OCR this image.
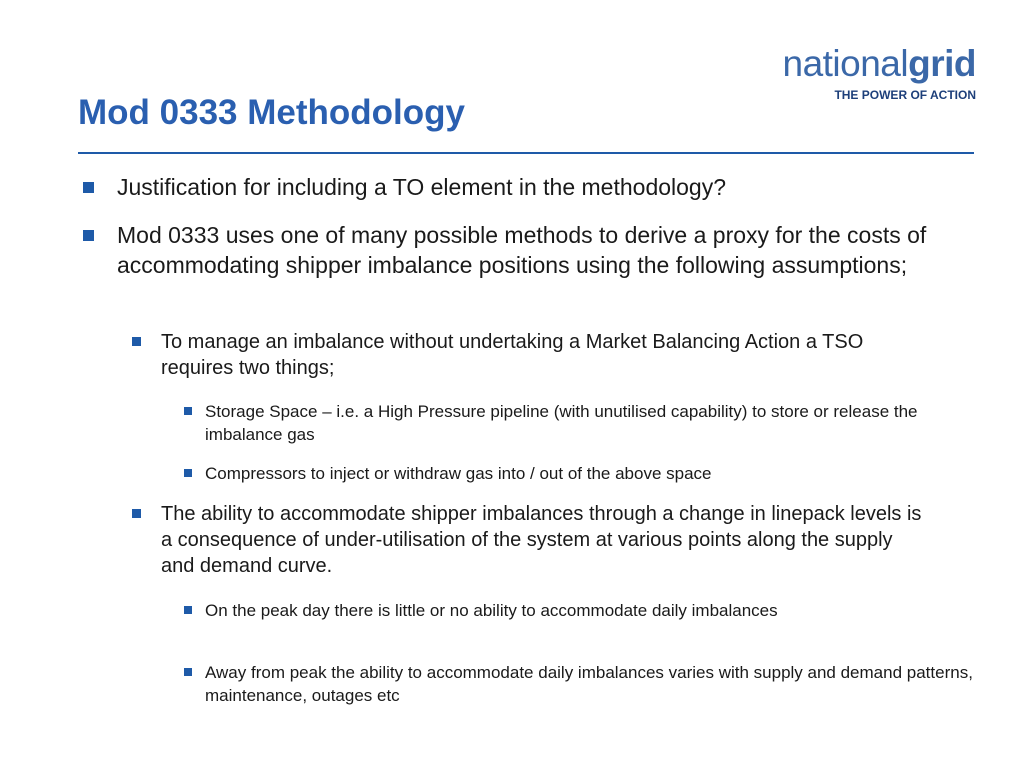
nationalgrid
THE POWER OF ACTION
Mod 0333 Methodology
Justification for including a TO element in the methodology?
Mod 0333 uses one of many possible methods to derive a proxy for the costs of accommodating shipper imbalance positions using the following assumptions;
To manage an imbalance without undertaking a Market Balancing Action a TSO requires two things;
Storage Space – i.e. a High Pressure pipeline (with unutilised capability) to store or release the imbalance gas
Compressors to inject or withdraw gas into / out of the above space
The ability to accommodate shipper imbalances through a change in linepack levels is a consequence of under-utilisation of the system at various points along the supply and demand curve.
On the peak day there is little or no ability to accommodate daily imbalances
Away from peak the ability to accommodate daily imbalances varies with supply and demand patterns, maintenance, outages etc
